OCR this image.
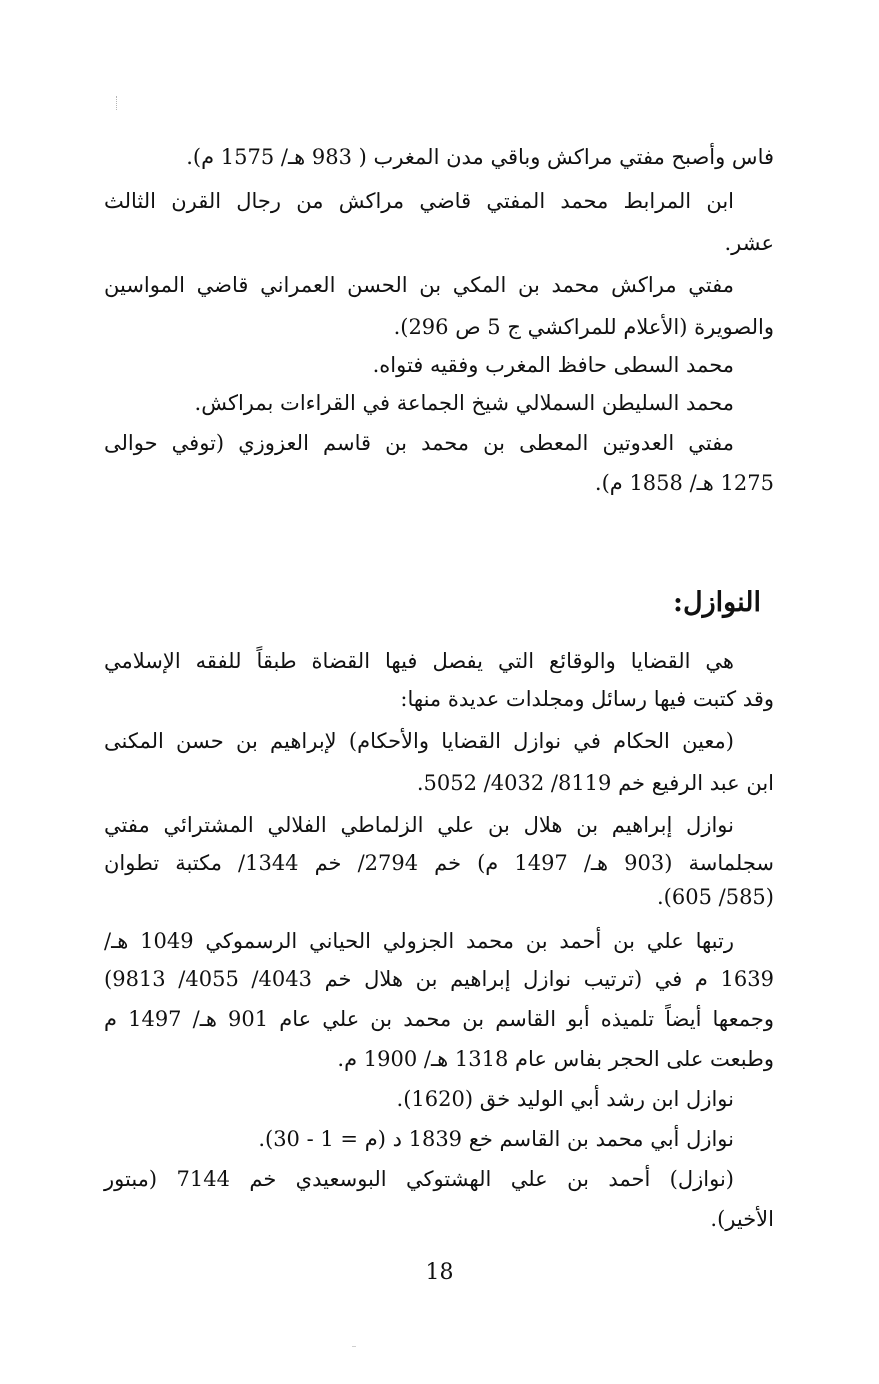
فاس وأصبح مفتي مراكش وباقي مدن المغرب ( 983 هـ/ 1575 م).
ابن المرابط محمد المفتي قاضي مراكش من رجال القرن الثالث
عشر.
مفتي مراكش محمد بن المكي بن الحسن العمراني قاضي المواسين
والصويرة (الأعلام للمراكشي ج 5 ص 296).
محمد السطى حافظ المغرب وفقيه فتواه.
محمد السليطن السملالي شيخ الجماعة في القراءات بمراكش.
مفتي العدوتين المعطى بن محمد بن قاسم العزوزي (توفي حوالى
1275 هـ/ 1858 م).
النوازل:
هي القضايا والوقائع التي يفصل فيها القضاة طبقاً للفقه الإسلامي
وقد كتبت فيها رسائل ومجلدات عديدة منها:
(معين الحكام في نوازل القضايا والأحكام) لإبراهيم بن حسن المكنى
ابن عبد الرفيع خم 8119/ 4032/ 5052.
نوازل إبراهيم بن هلال بن علي الزلماطي الفلالي المشترائي مفتي
سجلماسة (903 هـ/ 1497 م) خم 2794/ خم 1344/ مكتبة تطوان
(585/ 605).
رتبها علي بن أحمد بن محمد الجزولي الحياني الرسموكي 1049 هـ/
1639 م في (ترتيب نوازل إبراهيم بن هلال خم 4043/ 4055/ 9813)
وجمعها أيضاً تلميذه أبو القاسم بن محمد بن علي عام 901 هـ/ 1497 م
وطبعت على الحجر بفاس عام 1318 هـ/ 1900 م.
نوازل ابن رشد أبي الوليد خق (1620).
نوازل أبي محمد بن القاسم خع 1839 د (م = 1 - 30).
(نوازل) أحمد بن علي الهشتوكي البوسعيدي خم 7144 (مبتور
الأخير).
18
